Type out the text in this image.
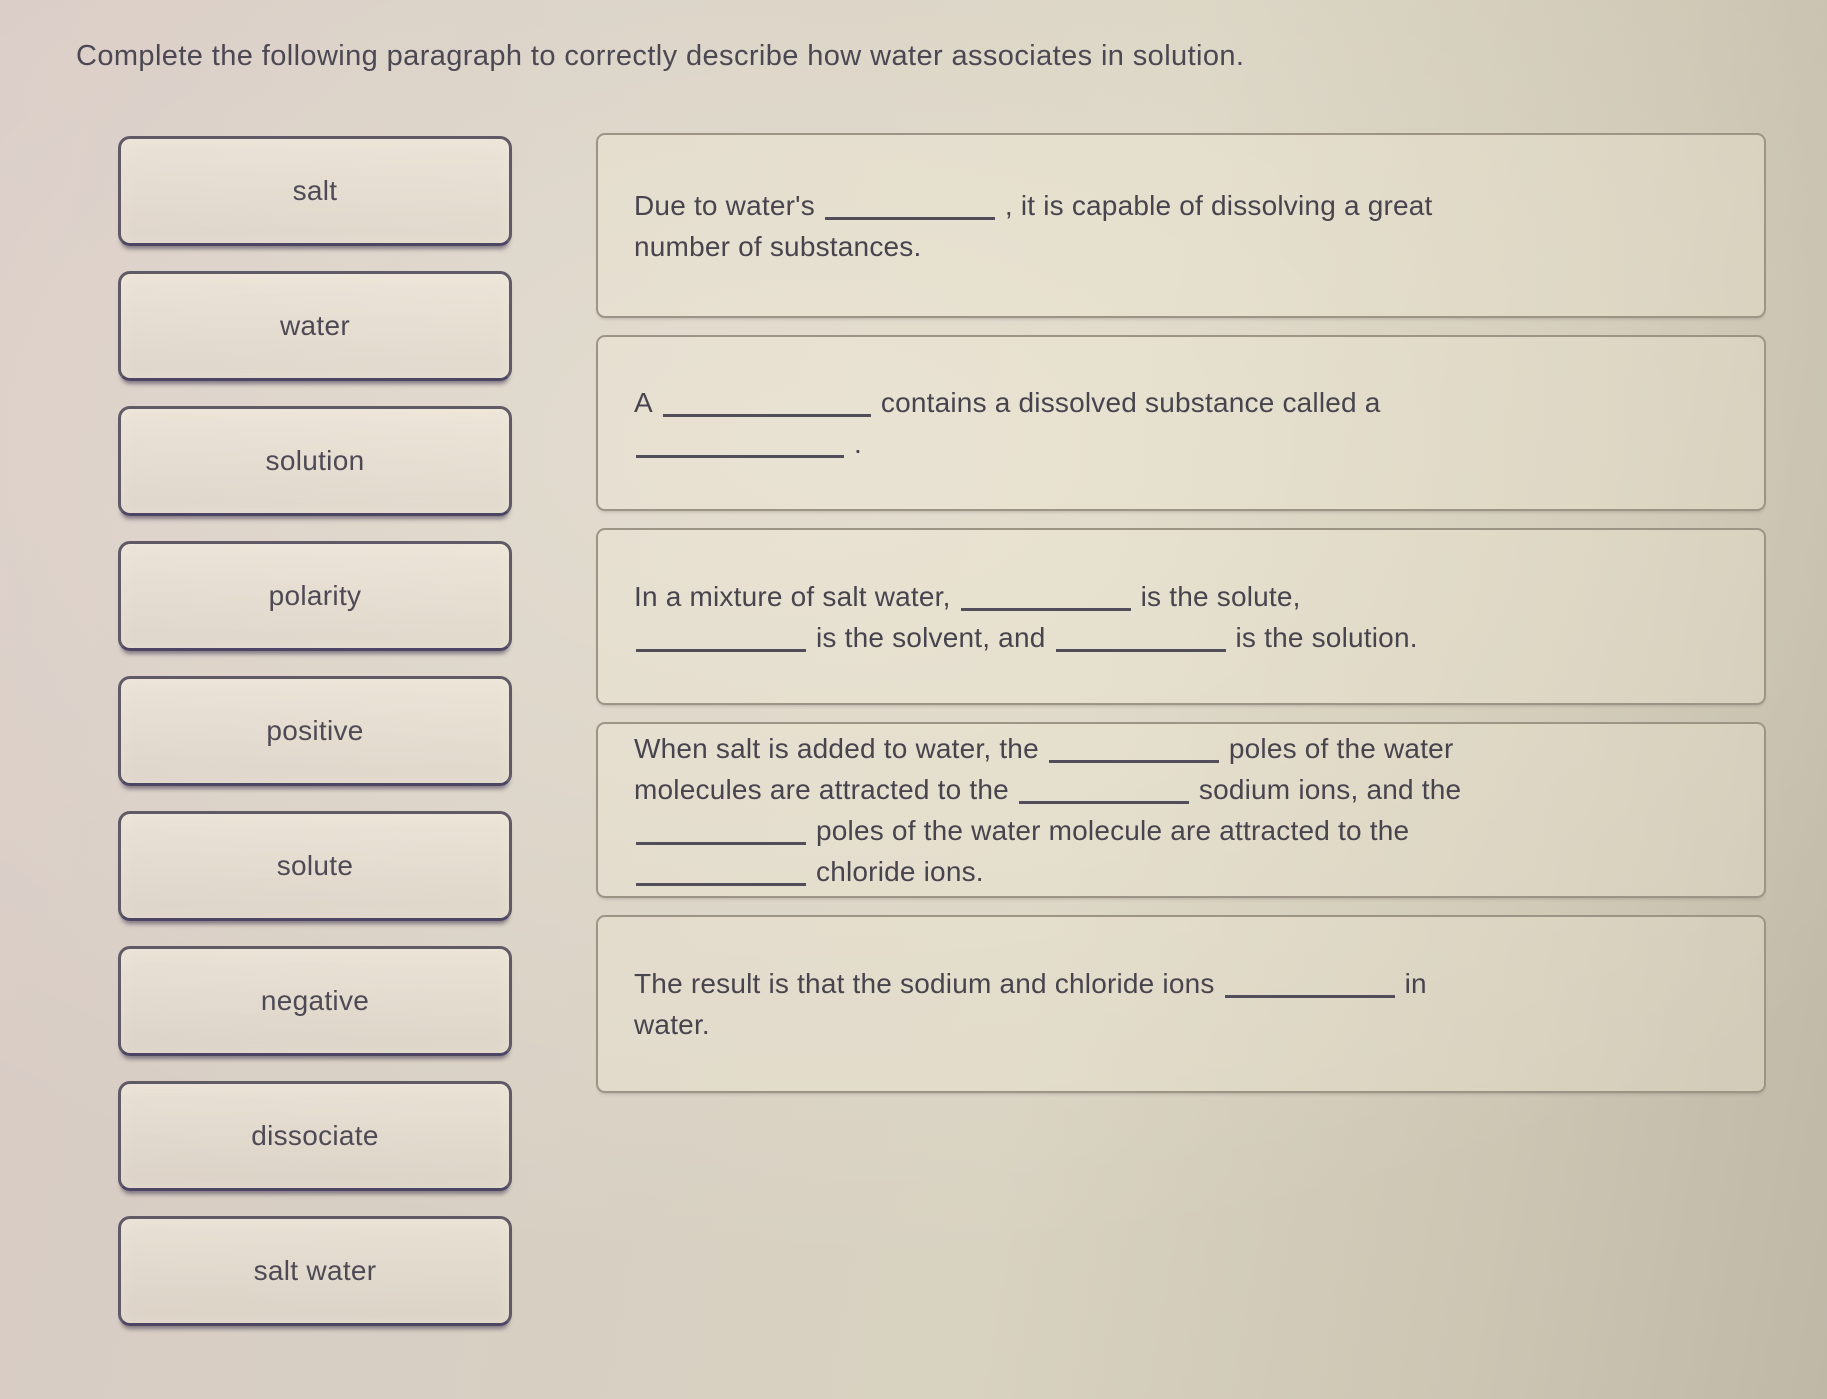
Complete the following paragraph to correctly describe how water associates in solution.
salt
water
solution
polarity
positive
solute
negative
dissociate
salt water

Due to water's	, it is capable of dissolving a great
number of substances.

A	contains a dissolved substance called a
.

In a mixture of salt water,	is the solute,
is the solvent, and	is the solution.

When salt is added to water, the	poles of the water
molecules are attracted to the	sodium ions, and the
poles of the water molecule are attracted to the
chloride ions.

The result is that the sodium and chloride ions	in
water.
